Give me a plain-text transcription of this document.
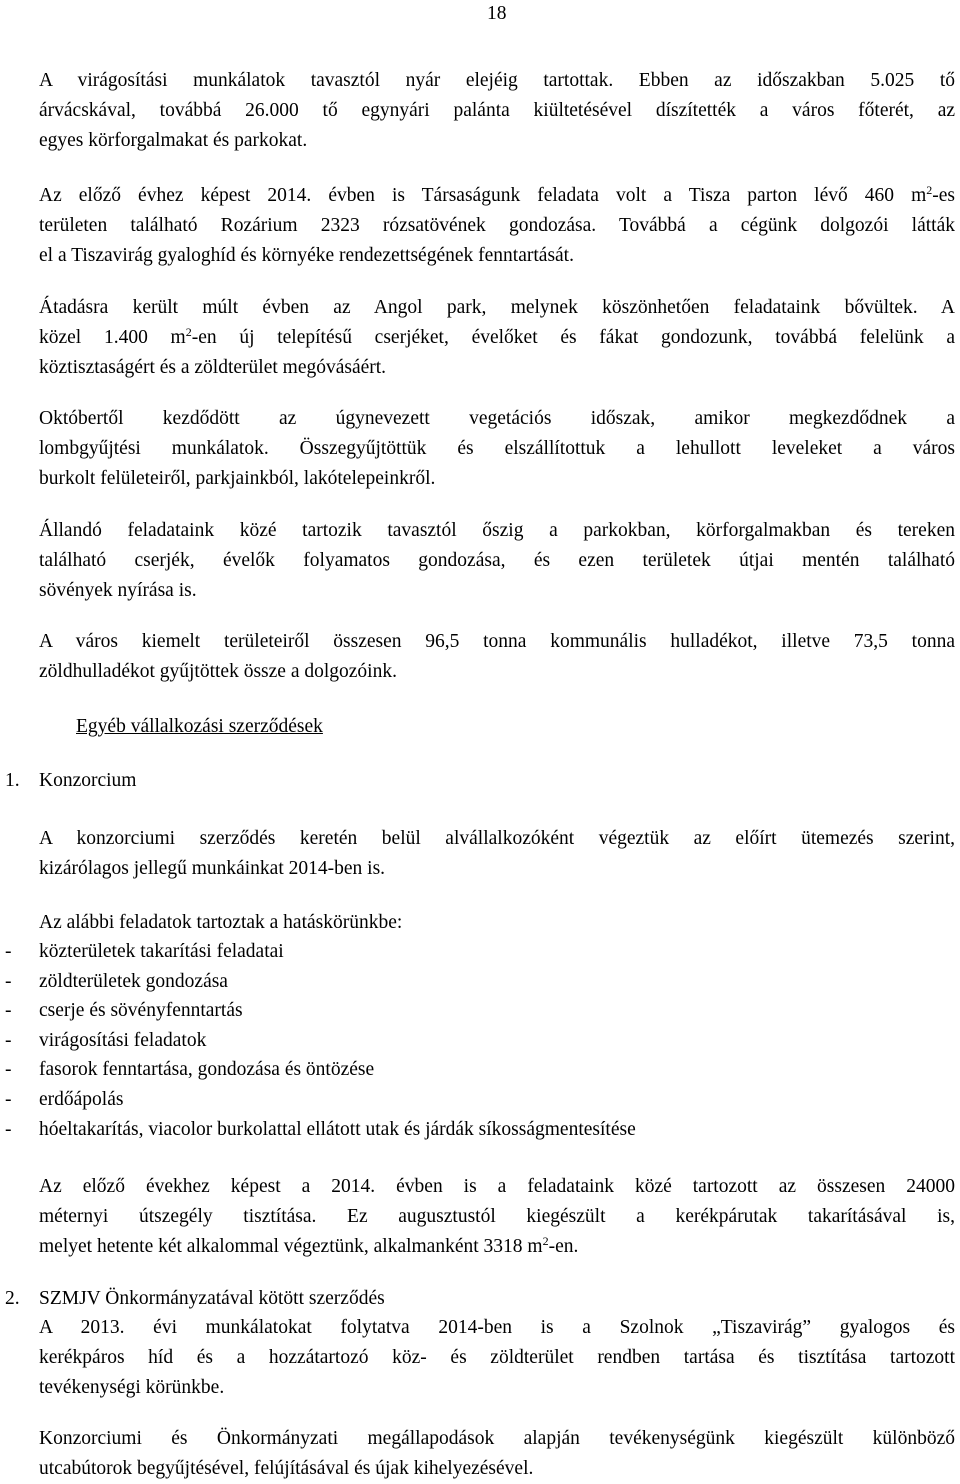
18
A virágosítási munkálatok tavasztól nyár elejéig tartottak. Ebben az időszakban 5.025 tő
árvácskával, továbbá 26.000 tő egynyári palánta kiültetésével díszítették a város főterét, az
egyes körforgalmakat és parkokat.
Az előző évhez képest 2014. évben is Társaságunk feladata volt a Tisza parton lévő 460 $m^2-es$
területen található Rozárium 2323 rózsatövének gondozása. Továbbá a cégünk dolgozói látták
el a Tiszavirág gyaloghíd és környéke rendezettségének fenntartását.
Átadásra került múlt évben az Angol park, melynek köszönhetően feladataink bővültek. A
közel 1.400 $m^2-en$ új telepítésű cserjéket, évelőket és fákat gondozunk, továbbá felelünk a
köztisztaságért és a zöldterület megóvásáért.
Októbertől kezdődött az úgynevezett vegetációs időszak, amikor megkezdődnek a
lombgyűjtési munkálatok. Összegyűjtöttük és elszállítottuk a lehullott leveleket a város
burkolt felületeiről, parkjainkból, lakótelepeinkről.
Állandó feladataink közé tartozik tavasztól őszig a parkokban, körforgalmakban és tereken
található cserjék, évelők folyamatos gondozása, és ezen területek útjai mentén található
sövények nyírása is.
A város kiemelt területeiről összesen 96,5 tonna kommunális hulladékot, illetve 73,5 tonna
zöldhulladékot gyűjtöttek össze a dolgozóink.
Egyéb vállalkozási szerződések
1. Konzorcium
A konzorciumi szerződés keretén belül alvállalkozóként végeztük az előírt ütemezés szerint,
kizárólagos jellegű munkáinkat 2014-ben is.
Az alábbi feladatok tartoztak a hatáskörünkbe:
- közterületek takarítási feladatai
- zöldterületek gondozása
- cserje és sövényfenntartás
- virágosítási feladatok
- fasorok fenntartása, gondozása és öntözése
- erdőápolás
- hóeltakarítás, viacolor burkolattal ellátott utak és járdák síkosságmentesítése
Az előző évekhez képest a 2014. évben is a feladataink közé tartozott az összesen 24000
méternyi útszegély tisztítása. Ez augusztustól kiegészült a kerékpárutak takarításával is,
melyet hetente két alkalommal végeztünk, alkalmanként 3318 $m^2-en$.
2. SZMJV Önkormányzatával kötött szerződés
A 2013. évi munkálatokat folytatva 2014-ben is a Szolnok „Tiszavirág” gyalogos és
kerékpáros híd és a hozzátartozó köz- és zöldterület rendben tartása és tisztítása tartozott
tevékenységi körünkbe.
Konzorciumi és Önkormányzati megállapodások alapján tevékenységünk kiegészült különböző
utcabútorok begyűjtésével, felújításával és újak kihelyezésével.
